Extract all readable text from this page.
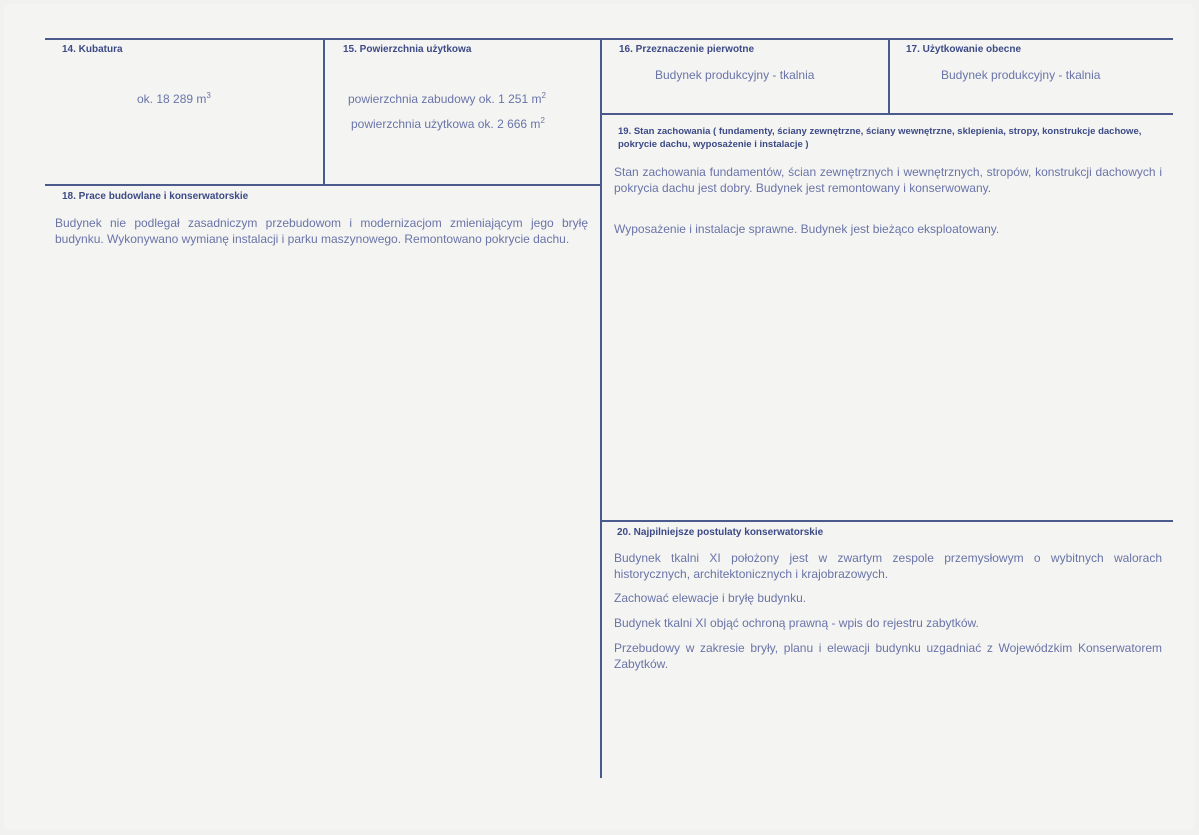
14. Kubatura
ok. 18 289 $m^3$
15. Powierzchnia użytkowa
powierzchnia zabudowy ok. 1 251 $m^2$
powierzchnia użytkowa ok. 2 666 $m^2$
16. Przeznaczenie pierwotne
Budynek produkcyjny - tkalnia
17. Użytkowanie obecne
Budynek produkcyjny - tkalnia
18. Prace budowlane i konserwatorskie

Budynek nie podlegał zasadniczym przebudowom i modernizacjom zmieniającym jego bryłę budynku. Wykonywano wymianę instalacji i parku maszynowego. Remontowano pokrycie dachu.

19. Stan zachowania ( fundamenty, ściany zewnętrzne, ściany wewnętrzne, sklepienia, stropy, konstrukcje dachowe, pokrycie dachu, wyposażenie i instalacje )

Stan zachowania fundamentów, ścian zewnętrznych i wewnętrznych, stropów, konstrukcji dachowych i pokrycia dachu jest dobry. Budynek jest remontowany i konserwowany.

Wyposażenie i instalacje sprawne. Budynek jest bieżąco eksploatowany.

20. Najpilniejsze postulaty konserwatorskie

Budynek tkalni XI położony jest w zwartym zespole przemysłowym o wybitnych walorach historycznych, architektonicznych i krajobrazowych.

Zachować elewacje i bryłę budynku.

Budynek tkalni XI objąć ochroną prawną - wpis do rejestru zabytków.

Przebudowy w zakresie bryły, planu i elewacji budynku uzgadniać z Wojewódzkim Konserwatorem Zabytków.
